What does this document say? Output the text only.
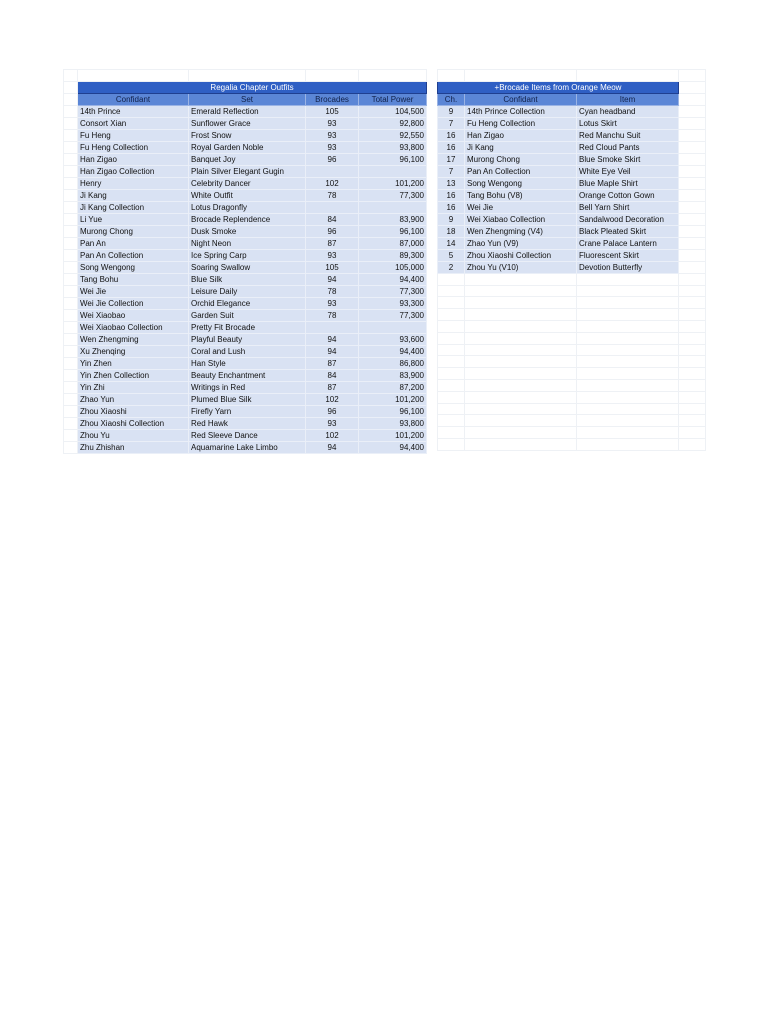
	Regalia Chapter Outfits			
	Confidant	Set	Brocades	Total Power
	14th Prince	Emerald Reflection	105	104,500
	Consort Xian	Sunflower Grace	93	92,800
	Fu Heng	Frost Snow	93	92,550
	Fu Heng Collection	Royal Garden Noble	93	93,800
	Han Zigao	Banquet Joy	96	96,100
	Han Zigao Collection	Plain Silver Elegant Gugin		
	Henry	Celebrity Dancer	102	101,200
	Ji Kang	White Outfit	78	77,300
	Ji Kang Collection	Lotus Dragonfly		
	Li Yue	Brocade Replendence	84	83,900
	Murong Chong	Dusk Smoke	96	96,100
	Pan An	Night Neon	87	87,000
	Pan An Collection	Ice Spring Carp	93	89,300
	Song Wengong	Soaring Swallow	105	105,000
	Tang Bohu	Blue Silk	94	94,400
	Wei Jie	Leisure Daily	78	77,300
	Wei Jie Collection	Orchid Elegance	93	93,300
	Wei Xiaobao	Garden Suit	78	77,300
	Wei Xiaobao Collection	Pretty Fit Brocade		
	Wen Zhengming	Playful Beauty	94	93,600
	Xu Zhenqing	Coral and Lush	94	94,400
	Yin Zhen	Han Style	87	86,800
	Yin Zhen Collection	Beauty Enchantment	84	83,900
	Yin Zhi	Writings in Red	87	87,200
	Zhao Yun	Plumed Blue Silk	102	101,200
	Zhou Xiaoshi	Firefly Yarn	96	96,100
	Zhou Xiaoshi Collection	Red Hawk	93	93,800
	Zhou Yu	Red Sleeve Dance	102	101,200
	Zhu Zhishan	Aquamarine Lake Limbo	94	94,400

+Brocade Items from Orange Meow			
Ch.	Confidant	Item	
9	14th Prince Collection	Cyan headband	
7	Fu Heng Collection	Lotus Skirt	
16	Han Zigao	Red Manchu Suit	
16	Ji Kang	Red Cloud Pants	
17	Murong Chong	Blue Smoke Skirt	
7	Pan An Collection	White Eye Veil	
13	Song Wengong	Blue Maple Shirt	
16	Tang Bohu (V8)	Orange Cotton Gown	
16	Wei Jie	Bell Yarn Shirt	
9	Wei Xiabao Collection	Sandalwood Decoration	
18	Wen Zhengming (V4)	Black Pleated Skirt	
14	Zhao Yun (V9)	Crane Palace Lantern	
5	Zhou Xiaoshi Collection	Fluorescent Skirt	
2	Zhou Yu (V10)	Devotion Butterfly	
